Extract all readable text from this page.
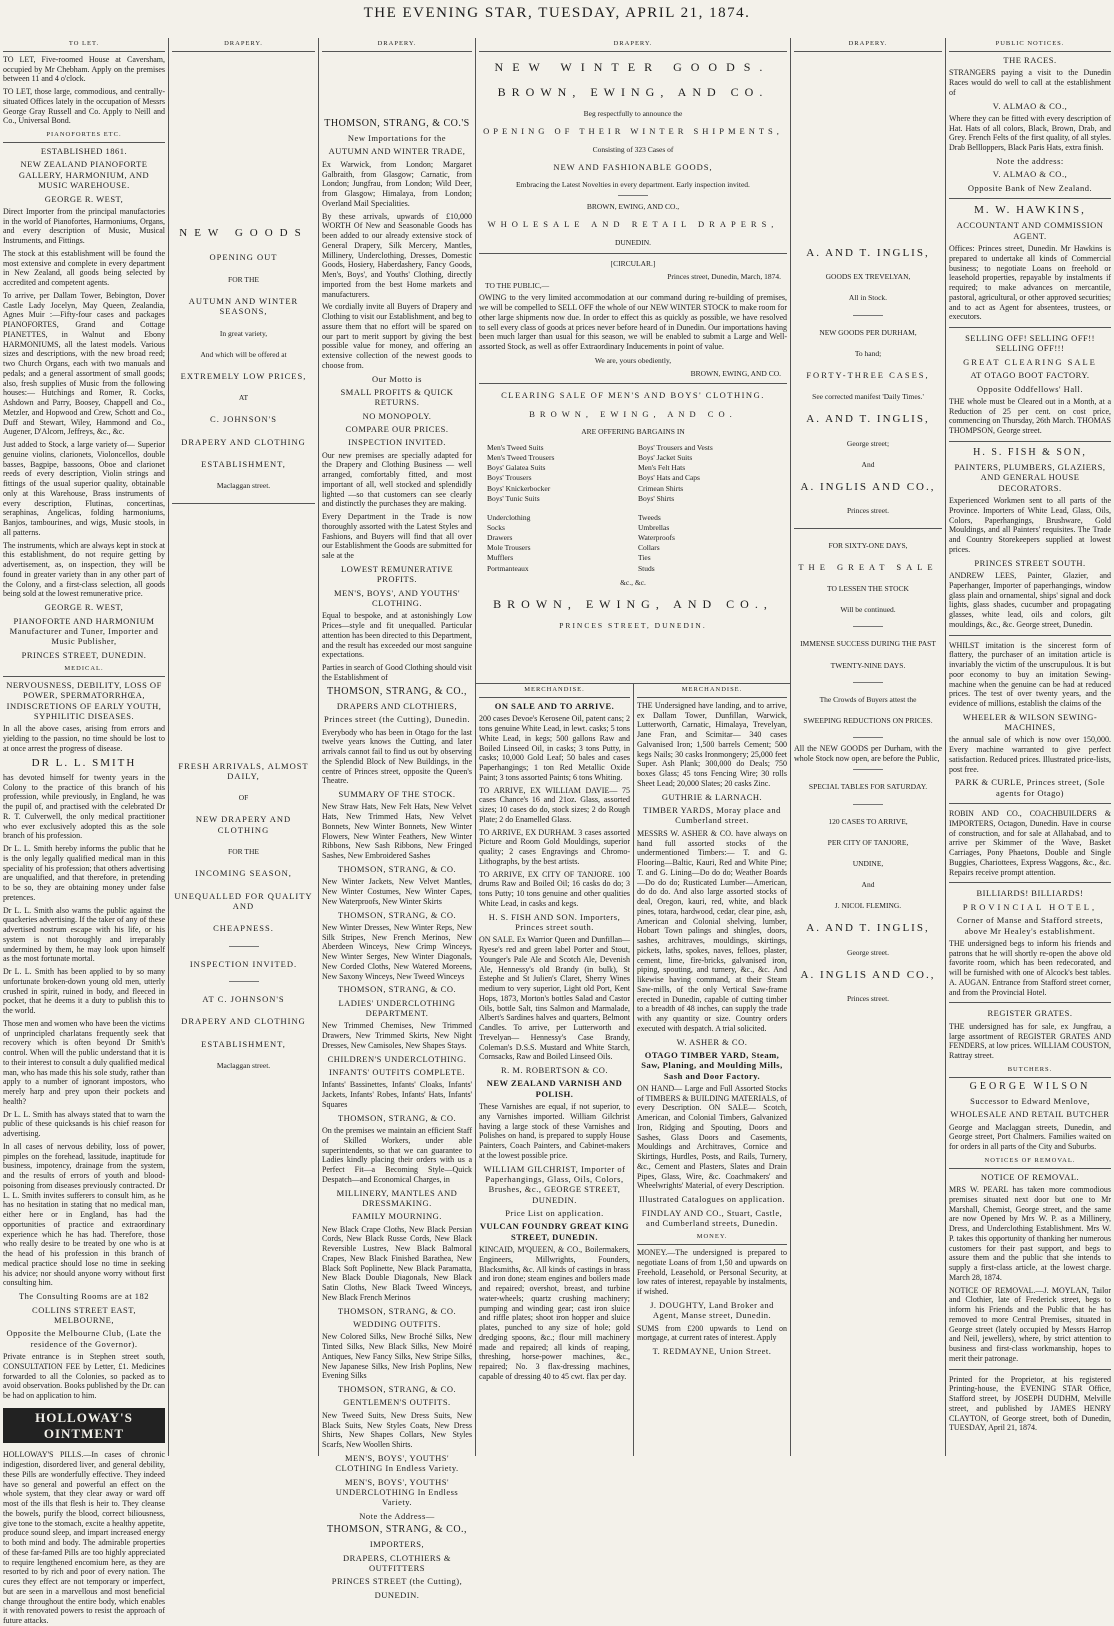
THE EVENING STAR, TUESDAY, APRIL 21, 1874.
TO LET.

TO LET, Five-roomed House at Caversham, occupied by Mr Chebham. Apply on the premises between 11 and 4 o'clock.

TO LET, those large, commodious, and centrally-situated Offices lately in the occupation of Messrs George Gray Russell and Co. Apply to Neill and Co., Universal Bond.

PIANOFORTES ETC.
ESTABLISHED 1861.
NEW ZEALAND PIANOFORTE GALLERY, HARMONIUM, AND MUSIC WAREHOUSE.
GEORGE R. WEST,

Direct Importer from the principal manufactories in the world of Pianofortes, Harmoniums, Organs, and every description of Music, Musical Instruments, and Fittings.

The stock at this establishment will be found the most extensive and complete in every department in New Zealand, all goods being selected by accredited and competent agents.

To arrive, per Dallam Tower, Bebington, Dover Castle Lady Jocelyn, May Queen, Zealandia, Agnes Muir :—Fifty-four cases and packages PIANOFORTES, Grand and Cottage PIANETTES, in Walnut and Ebony HARMONIUMS, all the latest models. Various sizes and descriptions, with the new broad reed; two Church Organs, each with two manuals and pedals; and a general assortment of small goods; also, fresh supplies of Music from the following houses:— Hutchings and Romer, R. Cocks, Ashdown and Parry, Boosey, Chappell and Co., Metzler, and Hopwood and Crew, Schott and Co., Duff and Stewart, Wiley, Hammond and Co., Augener, D'Alcorn, Jeffreys, &c., &c.

Just added to Stock, a large variety of— Superior genuine violins, clarionets, Violoncellos, double basses, Bagpipe, bassoons, Oboe and clarionet reeds of every description, Violin strings and fittings of the usual superior quality, obtainable only at this Warehouse, Brass instruments of every description, Flutinas, concertinas, seraphinas, Angelicas, folding harmoniums, Banjos, tambourines, and wigs, Music stools, in all patterns.

The instruments, which are always kept in stock at this establishment, do not require getting by advertisement, as, on inspection, they will be found in greater variety than in any other part of the Colony, and a first-class selection, all goods being sold at the lowest remunerative price.

GEORGE R. WEST,
PIANOFORTE AND HARMONIUM Manufacturer and Tuner, Importer and Music Publisher,
PRINCES STREET, DUNEDIN.
MEDICAL.
NERVOUSNESS, DEBILITY, LOSS OF POWER, SPERMATORRHŒA, INDISCRETIONS OF EARLY YOUTH, SYPHILITIC DISEASES.

In all the above cases, arising from errors and yielding to the passion, no time should be lost to at once arrest the progress of disease.

DR L. L. SMITH

has devoted himself for twenty years in the Colony to the practice of this branch of his profession, while previously, in England, he was the pupil of, and practised with the celebrated Dr R. T. Culverwell, the only medical practitioner who ever exclusively adopted this as the sole branch of his profession.

Dr L. L. Smith hereby informs the public that he is the only legally qualified medical man in this speciality of his profession; that others advertising are unqualified, and that therefore, in pretending to be so, they are obtaining money under false pretences.

Dr L. L. Smith also warns the public against the quackeries advertising. If the taker of any of these advertised nostrum escape with his life, or his system is not thoroughly and irreparably undermined by them, he may look upon himself as the most fortunate mortal.

Dr L. L. Smith has been applied to by so many unfortunate broken-down young old men, utterly crushed in spirit, ruined in body, and fleeced in pocket, that he deems it a duty to publish this to the world.

Those men and women who have been the victims of unprincipled charlatans frequently seek that recovery which is often beyond Dr Smith's control. When will the public understand that it is to their interest to consult a duly qualified medical man, who has made this his sole study, rather than apply to a number of ignorant impostors, who merely harp and prey upon their pockets and health?

Dr L. L. Smith has always stated that to warn the public of these quicksands is his chief reason for advertising.

In all cases of nervous debility, loss of power, pimples on the forehead, lassitude, inaptitude for business, impotency, drainage from the system, and the results of errors of youth and blood-poisoning from diseases previously contracted. Dr L. L. Smith invites sufferers to consult him, as he has no hesitation in stating that no medical man, either here or in England, has had the opportunities of practice and extraordinary experience which he has had. Therefore, those who really desire to be treated by one who is at the head of his profession in this branch of medical practice should lose no time in seeking his advice; nor should anyone worry without first consulting him.

The Consulting Rooms are at 182
COLLINS STREET EAST, MELBOURNE,
Opposite the Melbourne Club, (Late the residence of the Governor).

Private entrance is in Stephen street south, CONSULTATION FEE by Letter, £1. Medicines forwarded to all the Colonies, so packed as to avoid observation. Books published by the Dr. can be had on application to him.

HOLLOWAY'S OINTMENT

HOLLOWAY'S PILLS.—In cases of chronic indigestion, disordered liver, and general debility, these Pills are wonderfully effective. They indeed have so general and powerful an effect on the whole system, that they clear away or ward off most of the ills that flesh is heir to. They cleanse the bowels, purify the blood, correct biliousness, give tone to the stomach, excite a healthy appetite, produce sound sleep, and impart increased energy to both mind and body. The admirable properties of these far-famed Pills are too highly appreciated to require lengthened encomium here, as they are resorted to by rich and poor of every nation. The cures they effect are not temporary or imperfect, but are seen in a marvellous and most beneficial change throughout the entire body, which enables it with renovated powers to resist the approach of future attacks.

DRAPERY.
NEW GOODS
OPENING OUT
FOR THE
AUTUMN AND WINTER SEASONS,
In great variety,
And which will be offered at
EXTREMELY LOW PRICES,
AT
C. JOHNSON'S
DRAPERY AND CLOTHING
ESTABLISHMENT,
Maclaggan street.
FRESH ARRIVALS, ALMOST DAILY,
OF
NEW DRAPERY AND CLOTHING
FOR THE
INCOMING SEASON,
UNEQUALLED FOR QUALITY AND
CHEAPNESS.
INSPECTION INVITED.
AT C. JOHNSON'S
DRAPERY AND CLOTHING
ESTABLISHMENT,
Maclaggan street.
DRAPERY.
THOMSON, STRANG, & CO.'S
New Importations for the
AUTUMN AND WINTER TRADE,

Ex Warwick, from London; Margaret Galbraith, from Glasgow; Carnatic, from London; Jungfrau, from London; Wild Deer, from Glasgow; Himalaya, from London; Overland Mail Specialities.

By these arrivals, upwards of £10,000 WORTH Of New and Seasonable Goods has been added to our already extensive stock of General Drapery, Silk Mercery, Mantles, Millinery, Underclothing, Dresses, Domestic Goods, Hosiery, Haberdashery, Fancy Goods, Men's, Boys', and Youths' Clothing, directly imported from the best Home markets and manufacturers.

We cordially invite all Buyers of Drapery and Clothing to visit our Establishment, and beg to assure them that no effort will be spared on our part to merit support by giving the best possible value for money, and offering an extensive collection of the newest goods to choose from.

Our Motto is
SMALL PROFITS & QUICK RETURNS.
NO MONOPOLY.
COMPARE OUR PRICES.
INSPECTION INVITED.

Our new premises are specially adapted for the Drapery and Clothing Business — well arranged, comfortably fitted, and most important of all, well stocked and splendidly lighted —so that customers can see clearly and distinctly the purchases they are making.

Every Department in the Trade is now thoroughly assorted with the Latest Styles and Fashions, and Buyers will find that all over our Establishment the Goods are submitted for sale at the

LOWEST REMUNERATIVE PROFITS.
MEN'S, BOYS', AND YOUTHS' CLOTHING.

Equal to bespoke, and at astonishingly Low Prices—style and fit unequalled. Particular attention has been directed to this Department, and the result has exceeded our most sanguine expectations.

Parties in search of Good Clothing should visit the Establishment of

THOMSON, STRANG, & CO.,
DRAPERS AND CLOTHIERS,
Princes street (the Cutting), Dunedin.

Everybody who has been in Otago for the last twelve years knows the Cutting, and later arrivals cannot fail to find us out by observing the Splendid Block of New Buildings, in the centre of Princes street, opposite the Queen's Theatre.

SUMMARY OF THE STOCK.

New Straw Hats, New Felt Hats, New Velvet Hats, New Trimmed Hats, New Velvet Bonnets, New Winter Bonnets, New Winter Flowers, New Winter Feathers, New Winter Ribbons, New Sash Ribbons, New Fringed Sashes, New Embroidered Sashes

THOMSON, STRANG, & CO.

New Winter Jackets, New Velvet Mantles, New Winter Costumes, New Winter Capes, New Waterproofs, New Winter Skirts

THOMSON, STRANG, & CO.

New Winter Dresses, New Winter Reps, New Silk Stripes, New French Merinos, New Aberdeen Winceys, New Crimp Winceys, New Winter Serges, New Winter Diagonals, New Corded Cloths, New Watered Moreens, New Saxony Winceys, New Tweed Winceys

THOMSON, STRANG, & CO.
LADIES' UNDERCLOTHING DEPARTMENT.

New Trimmed Chemises, New Trimmed Drawers, New Trimmed Skirts, New Night Dresses, New Camisoles, New Shapes Stays.

CHILDREN'S UNDERCLOTHING.
INFANTS' OUTFITS COMPLETE.

Infants' Bassinettes, Infants' Cloaks, Infants' Jackets, Infants' Robes, Infants' Hats, Infants' Squares

THOMSON, STRANG, & CO.

On the premises we maintain an efficient Staff of Skilled Workers, under able superintendents, so that we can guarantee to Ladies kindly placing their orders with us a Perfect Fit—a Becoming Style—Quick Despatch—and Economical Charges, in

MILLINERY, MANTLES AND DRESSMAKING.
FAMILY MOURNING.

New Black Crape Cloths, New Black Persian Cords, New Black Russe Cords, New Black Reversible Lustres, New Black Balmoral Crapes, New Black Finished Barathea, New Black Soft Poplinette, New Black Paramatta, New Black Double Diagonals, New Black Satin Cloths, New Black Tweed Winceys, New Black French Merinos

THOMSON, STRANG, & CO.
WEDDING OUTFITS.

New Colored Silks, New Broché Silks, New Tinted Silks, New Black Silks, New Moiré Antiques, New Fancy Silks, New Stripe Silks, New Japanese Silks, New Irish Poplins, New Evening Silks

THOMSON, STRANG, & CO.
GENTLEMEN'S OUTFITS.

New Tweed Suits, New Dress Suits, New Black Suits, New Styles Coats, New Dress Shirts, New Shapes Collars, New Styles Scarfs, New Woollen Shirts.

MEN'S, BOYS', YOUTHS' CLOTHING In Endless Variety.
MEN'S, BOYS', YOUTHS' UNDERCLOTHING In Endless Variety.
Note the Address—
THOMSON, STRANG, & CO.,
IMPORTERS,
DRAPERS, CLOTHIERS & OUTFITTERS
PRINCES STREET (the Cutting),
DUNEDIN.
DRAPERY.
NEW WINTER GOODS.
BROWN, EWING, AND CO.
Beg respectfully to announce the
OPENING OF THEIR WINTER SHIPMENTS,
Consisting of 323 Cases of
NEW AND FASHIONABLE GOODS,
Embracing the Latest Novelties in every department. Early inspection invited.
BROWN, EWING, AND CO.,
WHOLESALE AND RETAIL DRAPERS,
DUNEDIN.
[CIRCULAR.]
Princes street, Dunedin, March, 1874.
TO THE PUBLIC,—

OWING to the very limited accommodation at our command during re-building of premises, we will be compelled to SELL OFF the whole of our NEW WINTER STOCK to make room for other large shipments now due. In order to effect this as quickly as possible, we have resolved to sell every class of goods at prices never before heard of in Dunedin. Our importations having been much larger than usual for this season, we will be enabled to submit a Large and Well-assorted Stock, as well as offer Extraordinary Inducements in point of value.

We are, yours obediently,
BROWN, EWING, AND CO.
CLEARING SALE OF MEN'S AND BOYS' CLOTHING.
BROWN, EWING, AND CO.
ARE OFFERING BARGAINS IN

Men's Tweed Suits

Men's Tweed Trousers

Boys' Galatea Suits

Boys' Trousers

Boys' Knickerbocker

Boys' Tunic Suits

Underclothing

Socks

Drawers

Mole Trousers

Mufflers

Portmanteaux

Boys' Trousers and Vests

Boys' Jacket Suits

Men's Felt Hats

Boys' Hats and Caps

Crimean Shirts

Boys' Shirts

Tweeds

Umbrellas

Waterproofs

Collars

Ties

Studs

&c., &c.
BROWN, EWING, AND CO.,
PRINCES STREET, DUNEDIN.
MERCHANDISE.
ON SALE AND TO ARRIVE.

200 cases Devoe's Kerosene Oil, patent cans; 2 tons genuine White Lead, in lewt. casks; 5 tons White Lead, in kegs; 500 gallons Raw and Boiled Linseed Oil, in casks; 3 tons Putty, in casks; 10,000 Gold Leaf; 50 bales and cases Paperhangings; 1 ton Red Metallic Oxide Paint; 3 tons assorted Paints; 6 tons Whiting.

TO ARRIVE, EX WILLIAM DAVIE— 75 cases Chance's 16 and 21oz. Glass, assorted sizes; 10 cases do do, stock sizes; 2 do Rough Plate; 2 do Enamelled Glass.

TO ARRIVE, EX DURHAM. 3 cases assorted Picture and Room Gold Mouldings, superior quality; 2 cases Engravings and Chromo-Lithographs, by the best artists.

TO ARRIVE, EX CITY OF TANJORE. 100 drums Raw and Boiled Oil; 16 casks do do; 3 tons Putty; 10 tons genuine and other qualities White Lead, in casks and kegs.

H. S. FISH AND SON. Importers, Princes street south.

ON SALE. Ex Warrior Queen and Dunfillan— Ryese's red and green label Porter and Stout, Younger's Pale Ale and Scotch Ale, Devenish Ale, Hennessy's old Brandy (in bulk), St Estephe and St Julien's Claret, Sherry Wines medium to very superior, Light old Port, Kent Hops, 1873, Morton's bottles Salad and Castor Oils, bottle Salt, tins Salmon and Marmalade, Albert's Sardines halves and quarters, Belmont Candles. To arrive, per Lutterworth and Trevelyan— Hennessy's Case Brandy, Coleman's D.S.S. Mustard and White Starch, Cornsacks, Raw and Boiled Linseed Oils.

R. M. ROBERTSON & CO.
NEW ZEALAND VARNISH AND POLISH.

These Varnishes are equal, if not superior, to any Varnishes imported. William Gilchrist having a large stock of these Varnishes and Polishes on hand, is prepared to supply House Painters, Coach Painters, and Cabinet-makers at the lowest possible price.

WILLIAM GILCHRIST, Importer of Paperhangings, Glass, Oils, Colors, Brushes, &c., GEORGE STREET, DUNEDIN.
Price List on application.
VULCAN FOUNDRY GREAT KING STREET, DUNEDIN.

KINCAID, M'QUEEN, & CO., Boilermakers, Engineers, Millwrights, Founders, Blacksmiths, &c. All kinds of castings in brass and iron done; steam engines and boilers made and repaired; overshot, breast, and turbine water-wheels; quartz crushing machinery; pumping and winding gear; cast iron sluice and riffle plates; shoot iron hopper and sluice plates, punched to any size of hole; gold dredging spoons, &c.; flour mill machinery made and repaired; all kinds of reaping, threshing, horse-power machines, &c., repaired; No. 3 flax-dressing machines, capable of dressing 40 to 45 cwt. flax per day.

MERCHANDISE.

THE Undersigned have landing, and to arrive, ex Dallam Tower, Dunfillan, Warwick, Lutterworth, Carnatic, Himalaya, Trevelyan, Jane Fran, and Scimitar— 340 cases Galvanised Iron; 1,500 barrels Cement; 500 kegs Nails; 30 casks Ironmongery; 25,000 feet Super. Ash Plank; 300,000 do Deals; 750 boxes Glass; 45 tons Fencing Wire; 30 rolls Sheet Lead; 20,000 Slates; 20 casks Zinc.

GUTHRIE & LARNACH.
TIMBER YARDS, Moray place and Cumberland street.

MESSRS W. ASHER & CO. have always on hand full assorted stocks of the undermentioned Timbers:— T. and G. Flooring—Baltic, Kauri, Red and White Pine; T. and G. Lining—Do do do; Weather Boards—Do do do; Rusticated Lumber—American, do do do. And also large assorted stocks of deal, Oregon, kauri, red, white, and black pines, totara, hardwood, cedar, clear pine, ash, American and Colonial shelving, lumber, Hobart Town palings and shingles, doors, sashes, architraves, mouldings, skirtings, pickets, laths, spokes, naves, felloes, plaster, cement, lime, fire-bricks, galvanised iron, piping, spouting, and turnery, &c., &c. And likewise having command, at their Steam Saw-mills, of the only Vertical Saw-frame erected in Dunedin, capable of cutting timber to a breadth of 48 inches, can supply the trade with any quantity or size. Country orders executed with despatch. A trial solicited.

W. ASHER & CO.
OTAGO TIMBER YARD, Steam, Saw, Planing, and Moulding Mills, Sash and Door Factory.

ON HAND— Large and Full Assorted Stocks of TIMBERS & BUILDING MATERIALS, of every Description. ON SALE— Scotch, American, and Colonial Timbers, Galvanized Iron, Ridging and Spouting, Doors and Sashes, Glass Doors and Casements, Mouldings and Architraves, Cornice and Skirtings, Hurdles, Posts, and Rails, Turnery, &c., Cement and Plasters, Slates and Drain Pipes, Glass, Wire, &c. Coachmakers' and Wheelwrights' Material, of every Description.

Illustrated Catalogues on application.
FINDLAY AND CO., Stuart, Castle, and Cumberland streets, Dunedin.
MONEY.

MONEY.—The undersigned is prepared to negotiate Loans of from 1,50 and upwards on Freehold, Leasehold, or Personal Security, at low rates of interest, repayable by instalments, if wished.

J. DOUGHTY, Land Broker and Agent, Manse street, Dunedin.

SUMS from £200 upwards to Lend on mortgage, at current rates of interest. Apply

T. REDMAYNE, Union Street.
DRAPERY.
A. AND T. INGLIS,
GOODS EX TREVELYAN,
All in Stock.
NEW GOODS PER DURHAM,
To hand;
FORTY-THREE CASES,
See corrected manifest 'Daily Times.'
A. AND T. INGLIS,
George street;
And
A. INGLIS AND CO.,
Princes street.
FOR SIXTY-ONE DAYS,
THE GREAT SALE
TO LESSEN THE STOCK
Will be continued.
IMMENSE SUCCESS DURING THE PAST
TWENTY-NINE DAYS.
The Crowds of Buyers attest the
SWEEPING REDUCTIONS ON PRICES.

All the NEW GOODS per Durham, with the whole Stock now open, are before the Public,

SPECIAL TABLES FOR SATURDAY.
120 CASES TO ARRIVE,
PER CITY OF TANJORE,
UNDINE,
And
J. NICOL FLEMING.
A. AND T. INGLIS,
George street.
A. INGLIS AND CO.,
Princes street.
PUBLIC NOTICES.
THE RACES.

STRANGERS paying a visit to the Dunedin Races would do well to call at the establishment of

V. ALMAO & CO.,

Where they can be fitted with every description of Hat. Hats of all colors, Black, Brown, Drab, and Grey. French Felts of the first quality, of all styles. Drab Bellloppers, Black Paris Hats, extra finish.

Note the address:
V. ALMAO & CO.,
Opposite Bank of New Zealand.
M. W. HAWKINS,
ACCOUNTANT AND COMMISSION AGENT.

Offices: Princes street, Dunedin. Mr Hawkins is prepared to undertake all kinds of Commercial business; to negotiate Loans on freehold or leasehold properties, repayable by instalments if required; to make advances on mercantile, pastoral, agricultural, or other approved securities; and to act as Agent for absentees, trustees, or executors.

SELLING OFF! SELLING OFF!! SELLING OFF!!!
GREAT CLEARING SALE
AT OTAGO BOOT FACTORY.
Opposite Oddfellows' Hall.

THE whole must be Cleared out in a Month, at a Reduction of 25 per cent. on cost price, commencing on Thursday, 26th March. THOMAS THOMPSON, George street.

H. S. FISH & SON,
PAINTERS, PLUMBERS, GLAZIERS, AND GENERAL HOUSE DECORATORS.

Experienced Workmen sent to all parts of the Province. Importers of White Lead, Glass, Oils, Colors, Paperhangings, Brushware, Gold Mouldings, and all Painters' requisites. The Trade and Country Storekeepers supplied at lowest prices.

PRINCES STREET SOUTH.

ANDREW LEES, Painter, Glazier, and Paperhanger, Importer of paperhangings, window glass plain and ornamental, ships' signal and dock lights, glass shades, cucumber and propagating glasses, white lead, oils and colors, gilt mouldings, &c., &c. George street, Dunedin.

WHILST imitation is the sincerest form of flattery, the purchaser of an imitation article is invariably the victim of the unscrupulous. It is but poor economy to buy an imitation Sewing-machine when the genuine can be had at reduced prices. The test of over twenty years, and the evidence of millions, establish the claims of the

WHEELER & WILSON SEWING-MACHINES,

the annual sale of which is now over 150,000. Every machine warranted to give perfect satisfaction. Reduced prices. Illustrated price-lists, post free.

PARK & CURLE, Princes street, (Sole agents for Otago)

ROBIN AND CO., COACHBUILDERS & IMPORTERS, Octagon, Dunedin. Have in course of construction, and for sale at Allahabad, and to arrive per Skimmer of the Wave, Basket Carriages, Pony Phaetons, Double and Single Buggies, Chariottees, Express Waggons, &c., &c. Repairs receive prompt attention.

BILLIARDS! BILLIARDS!
PROVINCIAL HOTEL,
Corner of Manse and Stafford streets, above Mr Healey's establishment.

THE undersigned begs to inform his friends and patrons that he will shortly re-open the above old favorite room, which has been redecorated, and will be furnished with one of Alcock's best tables. A. AUGAN. Entrance from Stafford street corner, and from the Provincial Hotel.

REGISTER GRATES.

THE undersigned has for sale, ex Jungfrau, a large assortment of REGISTER GRATES AND FENDERS, at low prices. WILLIAM COUSTON, Rattray street.

BUTCHERS.
GEORGE WILSON
Successor to Edward Menlove,
WHOLESALE AND RETAIL BUTCHER

George and Maclaggan streets, Dunedin, and George street, Port Chalmers. Families waited on for orders in all parts of the City and Suburbs.

NOTICES OF REMOVAL.
NOTICE OF REMOVAL.

MRS W. PEARL has taken more commodious premises situated next door but one to Mr Marshall, Chemist, George street, and the same are now Opened by Mrs W. P. as a Millinery, Dress, and Underclothing Establishment. Mrs W. P. takes this opportunity of thanking her numerous customers for their past support, and begs to assure them and the public that she intends to supply a first-class article, at the lowest charge. March 28, 1874.

NOTICE OF REMOVAL.—J. MOYLAN, Tailor and Clothier, late of Frederick street, begs to inform his Friends and the Public that he has removed to more Central Premises, situated in George street (lately occupied by Messrs Harrop and Neil, jewellers), where, by strict attention to business and first-class workmanship, hopes to merit their patronage.

Printed for the Proprietor, at his registered Printing-house, the EVENING STAR Office, Stafford street, by JOSEPH DUDHM, Melville street, and published by JAMES HENRY CLAYTON, of George street, both of Dunedin, TUESDAY, April 21, 1874.
